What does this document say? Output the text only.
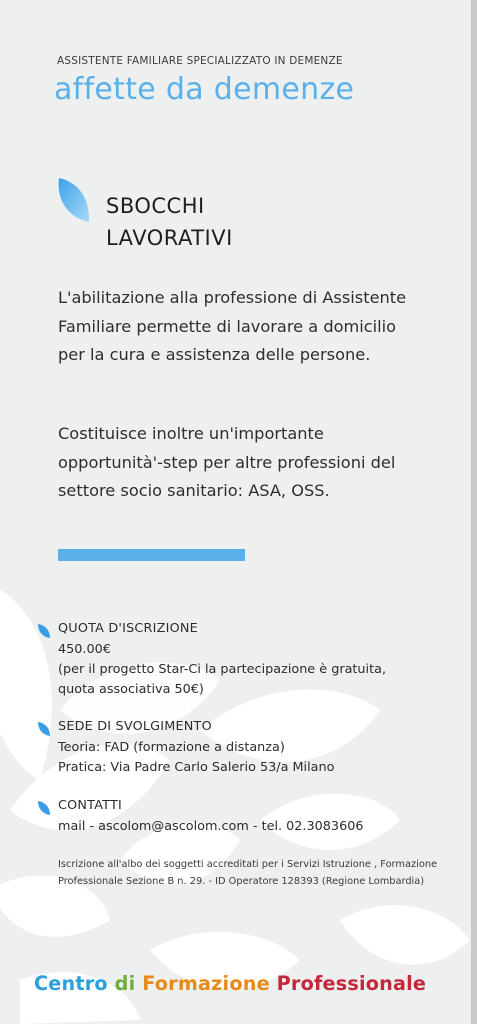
ASSISTENTE FAMILIARE SPECIALIZZATO IN DEMENZE
affette da demenze
SBOCCHI
LAVORATIVI
L'abilitazione alla professione di Assistente Familiare permette di lavorare a domicilio per la cura e assistenza delle persone.
Costituisce inoltre un'importante opportunità'-step per altre professioni del settore socio sanitario: ASA, OSS.
QUOTA D'ISCRIZIONE
450.00€
(per il progetto Star-Ci la partecipazione è gratuita,
quota associativa 50€)
SEDE DI SVOLGIMENTO
Teoria: FAD (formazione a distanza)
Pratica: Via Padre Carlo Salerio 53/a Milano
CONTATTI
mail - ascolom@ascolom.com - tel. 02.3083606
Iscrizione all'albo dei soggetti accreditati per i Servizi Istruzione , Formazione Professionale Sezione B n. 29. - ID Operatore 128393 (Regione Lombardia)
Centro di Formazione Professionale
